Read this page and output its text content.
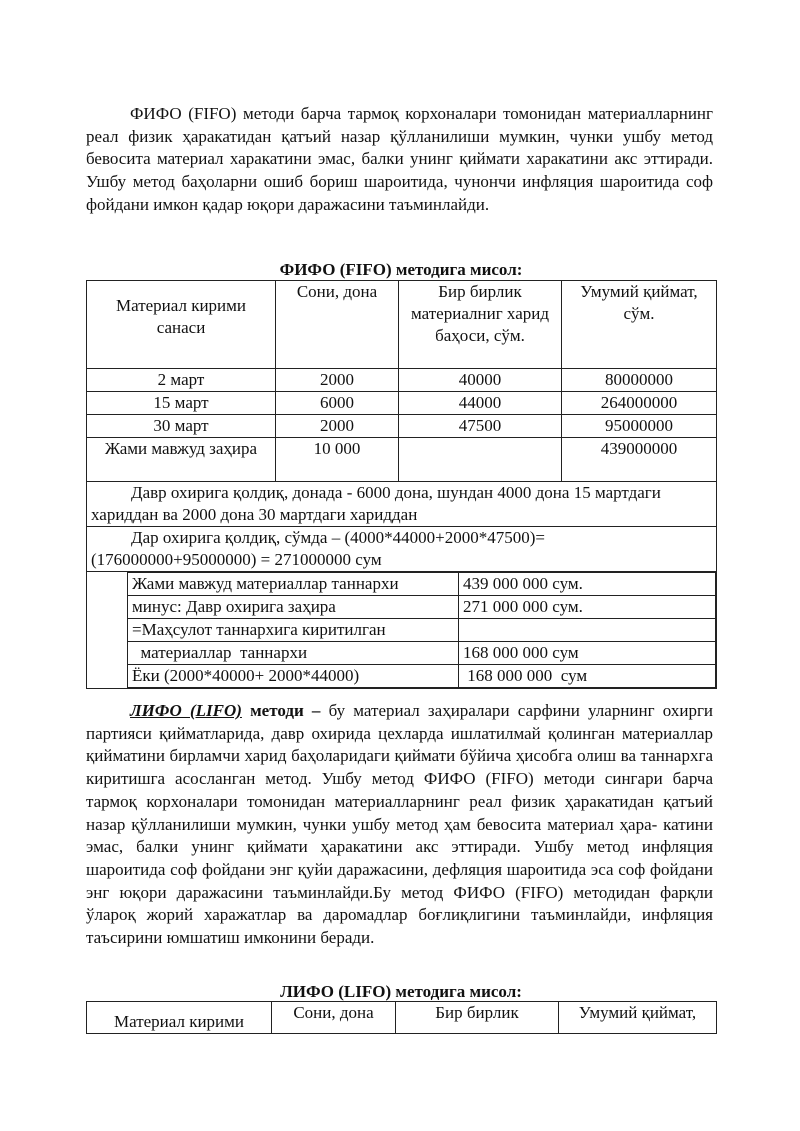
ФИФО (FIFO) методи барча тармоқ корхоналари томонидан материалларнинг реал физик ҳаракатидан қатъий назар қўлланилиши мумкин, чунки ушбу метод бевосита материал харакатини эмас, балки унинг қиймати харакатини акс эттиради. Ушбу метод баҳоларни ошиб бориш шароитида, чунончи инфляция шароитида соф фойдани имкон қадар юқори даражасини таъминлайди.

ФИФО (FIFO) методига мисол:

Материал кирими санаси	Сони, дона	Бир бирлик материалниг харид баҳоси, сўм.	Умумий қиймат, сўм.
2 март	2000	40000	80000000
15 март	6000	44000	264000000
30 март	2000	47500	95000000
Жами мавжуд заҳира	10 000		439000000

Давр охирига қолдиқ, донада - 6000 дона, шундан 4000 дона 15 мартдаги хариддан ва 2000 дона 30 мартдаги хариддан

Дар охирига қолдиқ, сўмда – (4000*44000+2000*47500)= (176000000+95000000) = 271000000 сум

Жами мавжуд материаллар таннархи	439 000 000 сум.
минус: Давр охирига заҳира	271 000 000 сум.
=Маҳсулот таннархига киритилган	
материаллар  таннархи	168 000 000 сум
Ёки (2000*40000+ 2000*44000)	168 000 000  сум

ЛИФО (LIFO) методи – бу материал заҳиралари сарфини уларнинг охирги партияси қийматларида, давр охирида цехларда ишлатилмай қолинган материаллар қийматини бирламчи харид баҳоларидаги қиймати бўйича ҳисобга олиш ва таннархга киритишга асосланган метод. Ушбу метод ФИФО (FIFO) методи сингари барча тармоқ корхоналари томонидан материалларнинг реал физик ҳаракатидан қатъий назар қўлланилиши мумкин, чунки ушбу метод ҳам бевосита материал ҳара- катини эмас, балки унинг қиймати ҳаракатини акс эттиради. Ушбу метод инфляция шароитида соф фойдани энг қуйи даражасини, дефляция шароитида эса соф фойдани энг юқори даражасини таъминлайди.Бу метод ФИФО (FIFO) методидан фарқли ўлароқ жорий харажатлар ва даромадлар боғлиқлигини таъминлайди, инфляция таъсирини юмшатиш имконини беради.

ЛИФО (LIFO) методига мисол:

Материал кирими	Сони, дона	Бир бирлик	Умумий қиймат,
